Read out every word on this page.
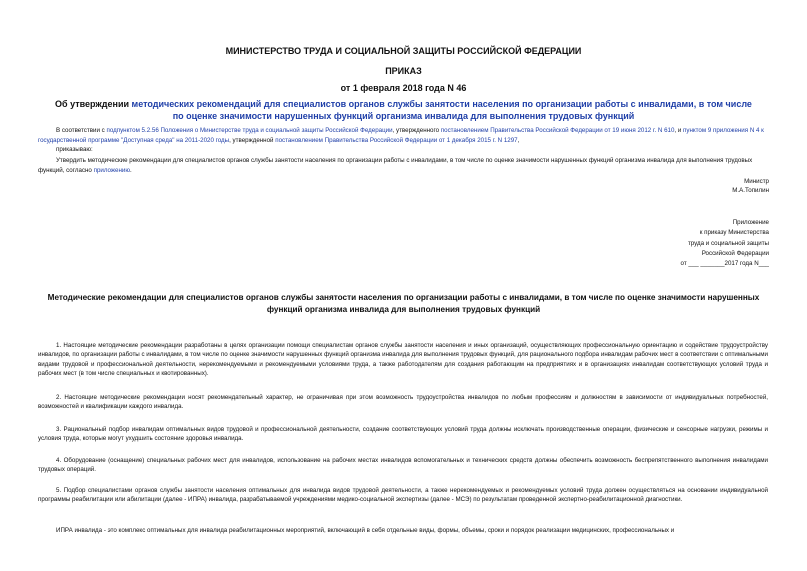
МИНИСТЕРСТВО ТРУДА И СОЦИАЛЬНОЙ ЗАЩИТЫ РОССИЙСКОЙ ФЕДЕРАЦИИ
ПРИКАЗ
от 1 февраля 2018 года N 46
Об утверждении методических рекомендаций для специалистов органов службы занятости населения по организации работы с инвалидами, в том числе по оценке значимости нарушенных функций организма инвалида для выполнения трудовых функций
В соответствии с подпунктом 5.2.56 Положения о Министерстве труда и социальной защиты Российской Федерации, утвержденного постановлением Правительства Российской Федерации от 19 июня 2012 г. N 610, и пунктом 9 приложения N 4 к государственной программе "Доступная среда" на 2011-2020 годы, утвержденной постановлением Правительства Российской Федерации от 1 декабря 2015 г. N 1297,
приказываю:
Утвердить методические рекомендации для специалистов органов службы занятости населения по организации работы с инвалидами, в том числе по оценке значимости нарушенных функций организма инвалида для выполнения трудовых функций, согласно приложению.
Министр
М.А.Топилин
Приложение
к приказу Министерства
труда и социальной защиты
Российской Федерации
от ___ _______2017 года N___
Методические рекомендации для специалистов органов службы занятости населения по организации работы с инвалидами, в том числе по оценке значимости нарушенных функций организма инвалида для выполнения трудовых функций
1. Настоящие методические рекомендации разработаны в целях организации помощи специалистам органов службы занятости населения и иных организаций, осуществляющих профессиональную ориентацию и содействие трудоустройству инвалидов, по организации работы с инвалидами, в том числе по оценке значимости нарушенных функций организма инвалида для выполнения трудовых функций, для рационального подбора инвалидам рабочих мест в соответствии с оптимальными видами трудовой и профессиональной деятельности, нерекомендуемыми и рекомендуемыми условиями труда, а также работодателям для создания работающим на предприятиях и в организациях инвалидам соответствующих условий труда и рабочих мест (в том числе специальных и квотированных).
2. Настоящие методические рекомендации носят рекомендательный характер, не ограничивая при этом возможность трудоустройства инвалидов по любым профессиям и должностям в зависимости от индивидуальных потребностей, возможностей и квалификации каждого инвалида.
3. Рациональный подбор инвалидам оптимальных видов трудовой и профессиональной деятельности, создание соответствующих условий труда должны исключать производственные операции, физические и сенсорные нагрузки, режимы и условия труда, которые могут ухудшить состояние здоровья инвалида.
4. Оборудование (оснащение) специальных рабочих мест для инвалидов, использование на рабочих местах инвалидов вспомогательных и технических средств должны обеспечить возможность беспрепятственного выполнения инвалидами трудовых операций.
5. Подбор специалистами органов службы занятости населения оптимальных для инвалида видов трудовой деятельности, а также нерекомендуемых и рекомендуемых условий труда должен осуществляться на основании индивидуальной программы реабилитации или абилитации (далее - ИПРА) инвалида, разрабатываемой учреждениями медико-социальной экспертизы (далее - МСЭ) по результатам проведенной экспертно-реабилитационной диагностики.
ИПРА инвалида - это комплекс оптимальных для инвалида реабилитационных мероприятий, включающий в себя отдельные виды, формы, объемы, сроки и порядок реализации медицинских, профессиональных и
